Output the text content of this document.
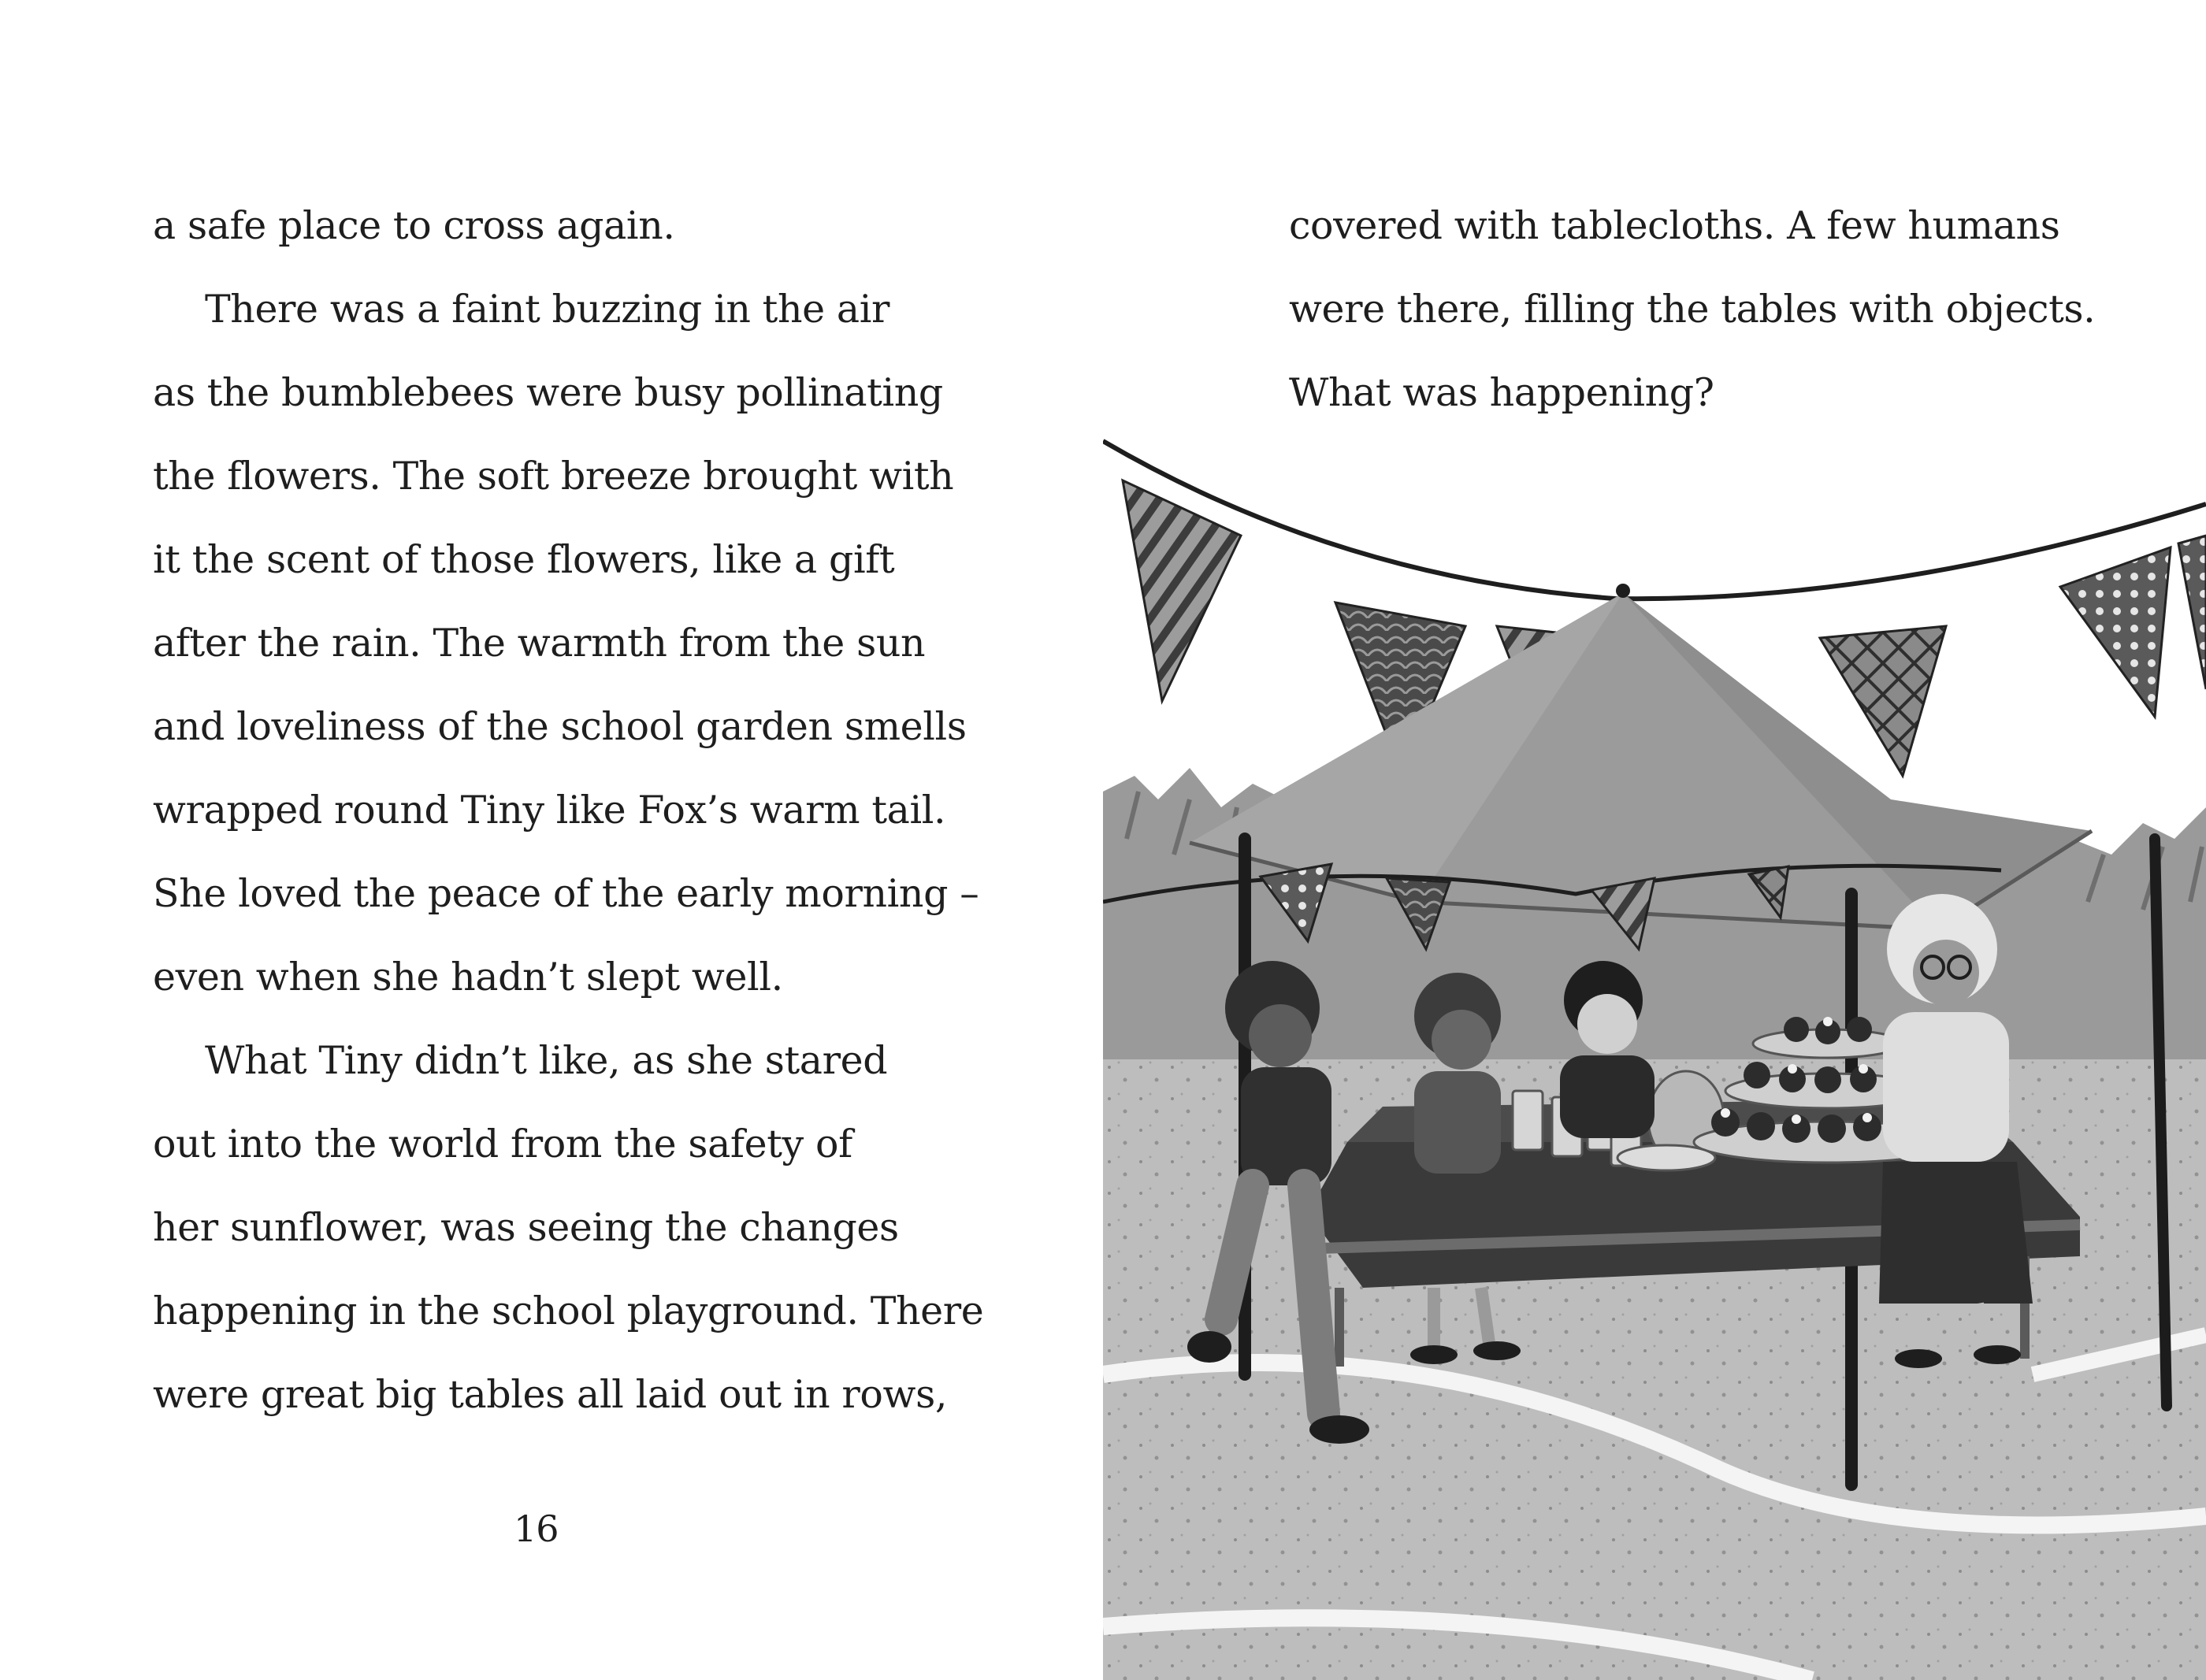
a safe place to cross again.
There was a faint buzzing in the air
as the bumblebees were busy pollinating
the flowers. The soft breeze brought with
it the scent of those flowers, like a gift
after the rain. The warmth from the sun
and loveliness of the school garden smells
wrapped round Tiny like Fox’s warm tail.
She loved the peace of the early morning –
even when she hadn’t slept well.
What Tiny didn’t like, as she stared
out into the world from the safety of
her sunflower, was seeing the changes
happening in the school playground. There
were great big tables all laid out in rows,
16
covered with tablecloths. A few humans
were there, filling the tables with objects.
What was happening?
